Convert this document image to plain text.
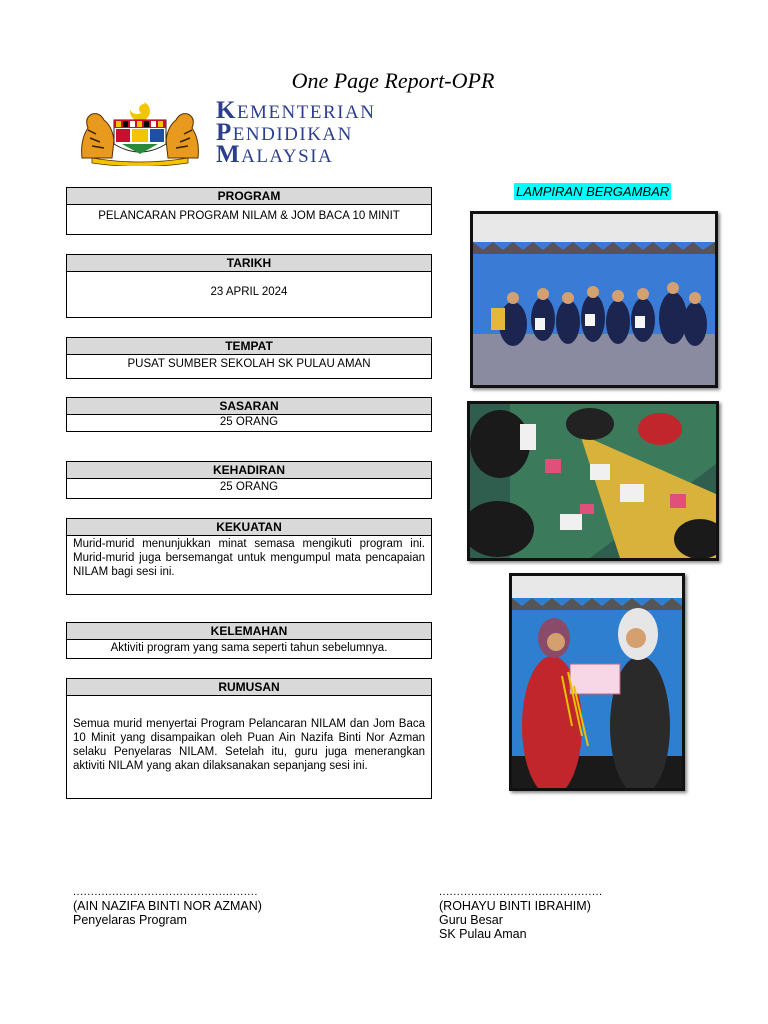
One Page Report-OPR
KEMENTERIAN
PENDIDIKAN
MALAYSIA
PROGRAM
PELANCARAN PROGRAM NILAM & JOM BACA 10 MINIT
TARIKH
23 APRIL 2024
TEMPAT
PUSAT SUMBER SEKOLAH SK PULAU AMAN
SASARAN
25 ORANG
KEHADIRAN
25 ORANG
KEKUATAN
Murid-murid menunjukkan minat semasa mengikuti program ini. Murid-murid juga bersemangat untuk mengumpul mata pencapaian NILAM bagi sesi ini.
KELEMAHAN
Aktiviti program yang sama seperti tahun sebelumnya.
RUMUSAN
Semua murid menyertai Program Pelancaran NILAM dan Jom Baca 10 Minit yang disampaikan oleh Puan Ain Nazifa Binti Nor Azman selaku Penyelaras NILAM. Setelah itu, guru juga menerangkan aktiviti NILAM yang akan dilaksanakan sepanjang sesi ini.
LAMPIRAN BERGAMBAR
....................................................
(AIN NAZIFA BINTI NOR AZMAN)
Penyelaras Program
..............................................
(ROHAYU BINTI IBRAHIM)
Guru Besar
SK Pulau Aman
